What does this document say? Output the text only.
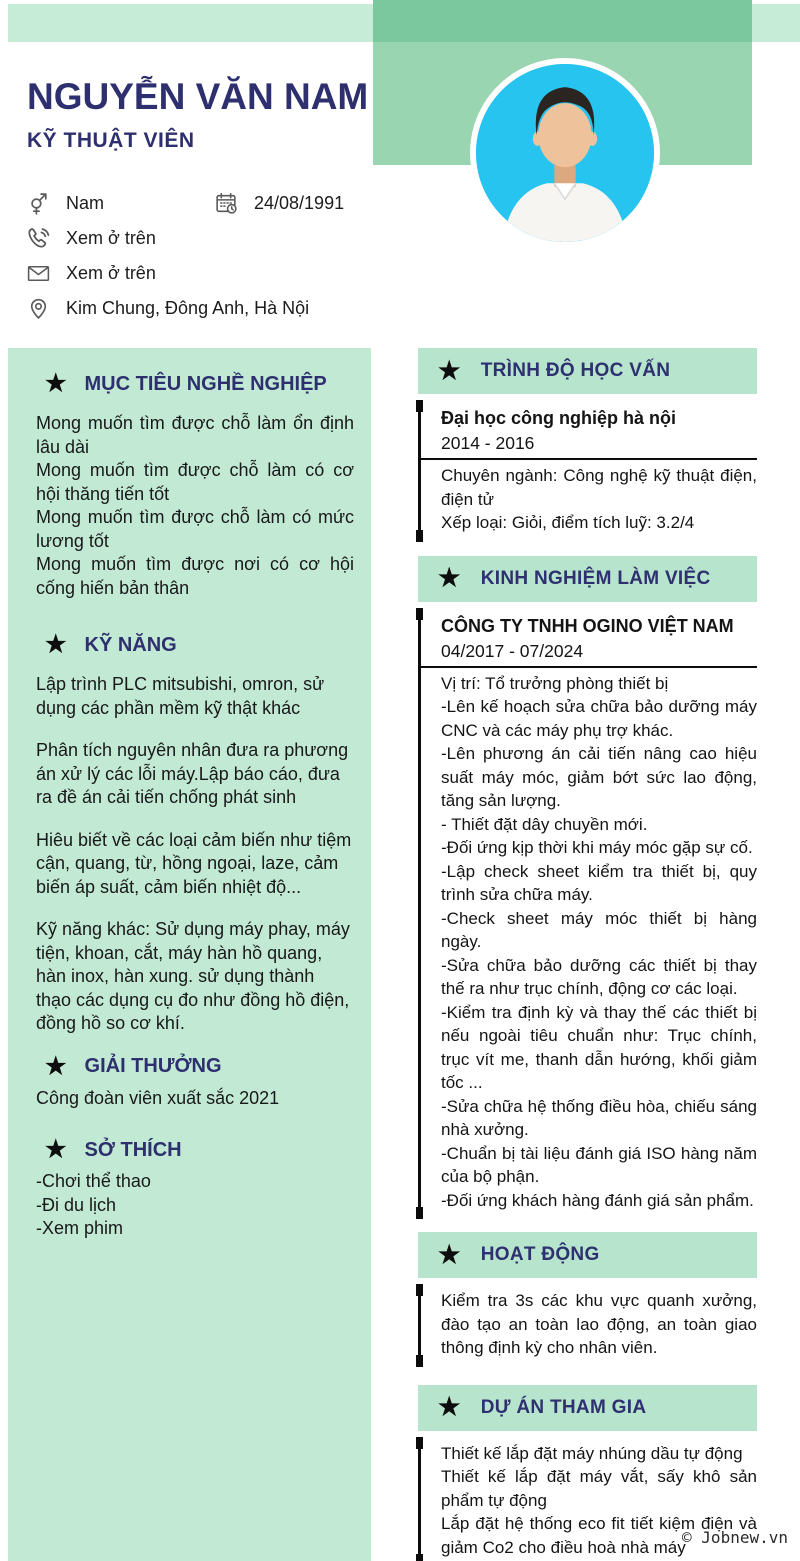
NGUYỄN VĂN NAM
KỸ THUẬT VIÊN
Nam	24/08/1991
Xem ở trên
Xem ở trên
Kim Chung, Đông Anh, Hà Nội
★ MỤC TIÊU NGHỀ NGHIỆP
Mong muốn tìm được chỗ làm ổn định lâu dài
Mong muốn tìm được chỗ làm có cơ hội thăng tiến tốt
Mong muốn tìm được chỗ làm có mức lương tốt
Mong muốn tìm được nơi có cơ hội cống hiến bản thân
★ KỸ NĂNG
Lập trình PLC mitsubishi, omron, sử dụng các phần mềm kỹ thật khác
Phân tích nguyên nhân đưa ra phương án xử lý các lỗi máy.Lập báo cáo, đưa ra đề án cải tiến chống phát sinh
Hiêu biết về các loại cảm biến như tiệm cận, quang, từ, hồng ngoại, laze, cảm biến áp suất, cảm biến nhiệt độ...
Kỹ năng khác: Sử dụng máy phay, máy tiện, khoan, cắt, máy hàn hồ quang, hàn inox, hàn xung. sử dụng thành thạo các dụng cụ đo như đồng hồ điện, đồng hồ so cơ khí.
★ GIẢI THƯỞNG
Công đoàn viên xuất sắc 2021
★ SỞ THÍCH
-Chơi thể thao
-Đi du lịch
-Xem phim
★ TRÌNH ĐỘ HỌC VẤN
Đại học công nghiệp hà nội
2014 - 2016
Chuyên ngành: Công nghệ kỹ thuật điện, điện tử
Xếp loại: Giỏi, điểm tích luỹ: 3.2/4
★ KINH NGHIỆM LÀM VIỆC
CÔNG TY TNHH OGINO VIỆT NAM
04/2017 - 07/2024
Vị trí: Tổ trưởng phòng thiết bị
-Lên kế hoạch sửa chữa bảo dưỡng máy CNC và các máy phụ trợ khác.
-Lên phương án cải tiến nâng cao hiệu suất máy móc, giảm bớt sức lao động, tăng sản lượng.
- Thiết đặt dây chuyền mới.
-Đối ứng kịp thời khi máy móc gặp sự cố.
-Lập check sheet kiểm tra thiết bị, quy trình sửa chữa máy.
-Check sheet máy móc thiết bị hàng ngày.
-Sửa chữa bảo dưỡng các thiết bị thay thế ra như trục chính, động cơ các loại.
-Kiểm tra định kỳ và thay thế các thiết bị nếu ngoài tiêu chuẩn như: Trục chính, trục vít me, thanh dẫn hướng, khối giảm tốc ...
-Sửa chữa hệ thống điều hòa, chiếu sáng nhà xưởng.
-Chuẩn bị tài liệu đánh giá ISO hàng năm của bộ phận.
-Đối ứng khách hàng đánh giá sản phẩm.
★ HOẠT ĐỘNG
Kiểm tra 3s các khu vực quanh xưởng, đào tạo an toàn lao động, an toàn giao thông định kỳ cho nhân viên.
★ DỰ ÁN THAM GIA
Thiết kế lắp đặt máy nhúng dầu tự động
Thiết kế lắp đặt máy vắt, sấy khô sản phẩm tự động
Lắp đặt hệ thống eco fit tiết kiệm điện và giảm Co2 cho điều hoà nhà máy
© Jobnew.vn
